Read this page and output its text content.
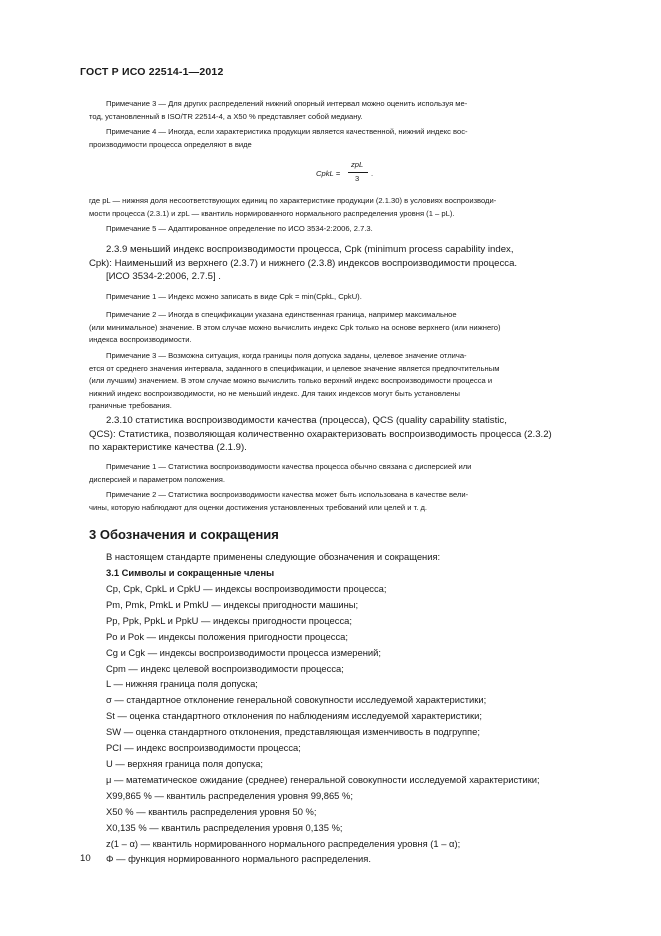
ГОСТ Р ИСО 22514-1—2012
Примечание 3 — Для других распределений нижний опорный интервал можно оценить используя ме-
тод, установленный в ISO/TR 22514-4, а X50 % представляет собой медиану.
Примечание 4 — Иногда, если характеристика продукции является качественной, нижний индекс вос-
производимости процесса определяют в виде
CpkL =
zpL
3
.
где pL — нижняя доля несоответствующих единиц по характеристике продукции (2.1.30) в условиях воспроизводи-
мости процесса (2.3.1) и zpL — квантиль нормированного нормального распределения уровня (1 – pL).
Примечание 5 — Адаптированное определение по ИСО 3534-2:2006, 2.7.3.
2.3.9 меньший индекс воспроизводимости процесса, Cpk (minimum process capability index,
Cpk): Наименьший из верхнего (2.3.7) и нижнего (2.3.8) индексов воспроизводимости процесса.
[ИСО 3534-2:2006, 2.7.5] .
Примечание 1 — Индекс можно записать в виде Cpk = min(CpkL, CpkU).
Примечание 2 — Иногда в спецификации указана единственная граница, например максимальное
(или минимальное) значение. В этом случае можно вычислить индекс Cpk только на основе верхнего (или нижнего)
индекса воспроизводимости.
Примечание 3 — Возможна ситуация, когда границы поля допуска заданы, целевое значение отлича-
ется от среднего значения интервала, заданного в спецификации, и целевое значение является предпочтительным
(или лучшим) значением. В этом случае можно вычислить только верхний индекс воспроизводимости процесса и
нижний индекс воспроизводимости, но не меньший индекс. Для таких индексов могут быть установлены
граничные требования.
2.3.10 статистика воспроизводимости качества (процесса), QCS (quality capability statistic,
QCS): Статистика, позволяющая количественно охарактеризовать воспроизводимость процесса (2.3.2)
по характеристике качества (2.1.9).
Примечание 1 — Статистика воспроизводимости качества процесса обычно связана с дисперсией или
дисперсией и параметром положения.
Примечание 2 — Статистика воспроизводимости качества может быть использована в качестве вели-
чины, которую наблюдают для оценки достижения установленных требований или целей и т. д.
3 Обозначения и сокращения
В настоящем стандарте применены следующие обозначения и сокращения:
3.1 Символы и сокращенные члены
Cp, Cpk, CpkL и CpkU — индексы воспроизводимости процесса;
Pm, Pmk, PmkL и PmkU — индексы пригодности машины;
Pp, Ppk, PpkL и PpkU — индексы пригодности процесса;
Po и Pok — индексы положения пригодности процесса;
Cg и Cgk — индексы воспроизводимости процесса измерений;
Cpm — индекс целевой воспроизводимости процесса;
L — нижняя граница поля допуска;
σ — стандартное отклонение генеральной совокупности исследуемой характеристики;
St — оценка стандартного отклонения по наблюдениям исследуемой характеристики;
SW — оценка стандартного отклонения, представляющая изменчивость в подгруппе;
PCI — индекс воспроизводимости процесса;
U — верхняя граница поля допуска;
μ — математическое ожидание (среднее) генеральной совокупности исследуемой характеристики;
X99,865 % — квантиль распределения уровня 99,865 %;
X50 % — квантиль распределения уровня 50 %;
X0,135 % — квантиль распределения уровня 0,135 %;
z(1 – α) — квантиль нормированного нормального распределения уровня (1 – α);
Φ — функция нормированного нормального распределения.
10
